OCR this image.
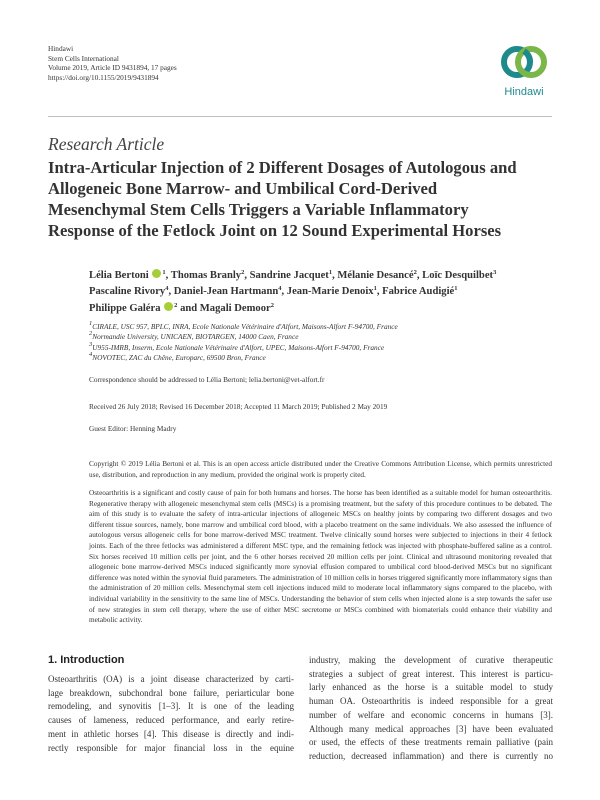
Hindawi
Stem Cells International
Volume 2019, Article ID 9431894, 17 pages
https://doi.org/10.1155/2019/9431894
Hindawi
Research Article
Intra-Articular Injection of 2 Different Dosages of Autologous and
Allogeneic Bone Marrow- and Umbilical Cord-Derived
Mesenchymal Stem Cells Triggers a Variable Inflammatory
Response of the Fetlock Joint on 12 Sound Experimental Horses
Lélia Bertoni $^1$, Thomas Branly$^2$, Sandrine Jacquet$^1$, Mélanie Desancé$^2$, Loïc Desquilbet$^3$
Pascaline Rivory$^4$, Daniel-Jean Hartmann$^4$, Jean-Marie Denoix$^1$, Fabrice Audigié$^1$
Philippe Galéra $^2$ and Magali Demoor$^2$
$^1$CIRALE, USC 957, BPLC, INRA, Ecole Nationale Vétérinaire d'Alfort, Maisons-Alfort F-94700, France
$^2$Normandie University, UNICAEN, BIOTARGEN, 14000 Caen, France
$^3$U955-IMRB, Inserm, Ecole Nationale Vétérinaire d'Alfort, UPEC, Maisons-Alfort F-94700, France
$^4$NOVOTEC, ZAC du Chêne, Europarc, 69500 Bron, France
Correspondence should be addressed to Lélia Bertoni; lelia.bertoni@vet-alfort.fr
Received 26 July 2018; Revised 16 December 2018; Accepted 11 March 2019; Published 2 May 2019
Guest Editor: Henning Madry
Copyright © 2019 Lélia Bertoni et al. This is an open access article distributed under the Creative Commons Attribution License, which permits unrestricted use, distribution, and reproduction in any medium, provided the original work is properly cited.
Osteoarthritis is a significant and costly cause of pain for both humans and horses. The horse has been identified as a suitable model for human osteoarthritis. Regenerative therapy with allogeneic mesenchymal stem cells (MSCs) is a promising treatment, but the safety of this procedure continues to be debated. The aim of this study is to evaluate the safety of intra-articular injections of allogeneic MSCs on healthy joints by comparing two different dosages and two different tissue sources, namely, bone marrow and umbilical cord blood, with a placebo treatment on the same individuals. We also assessed the influence of autologous versus allogeneic cells for bone marrow-derived MSC treatment. Twelve clinically sound horses were subjected to injections in their 4 fetlock joints. Each of the three fetlocks was administered a different MSC type, and the remaining fetlock was injected with phosphate-buffered saline as a control. Six horses received 10 million cells per joint, and the 6 other horses received 20 million cells per joint. Clinical and ultrasound monitoring revealed that allogeneic bone marrow-derived MSCs induced significantly more synovial effusion compared to umbilical cord blood-derived MSCs but no significant difference was noted within the synovial fluid parameters. The administration of 10 million cells in horses triggered significantly more inflammatory signs than the administration of 20 million cells. Mesenchymal stem cell injections induced mild to moderate local inflammatory signs compared to the placebo, with individual variability in the sensitivity to the same line of MSCs. Understanding the behavior of stem cells when injected alone is a step towards the safer use of new strategies in stem cell therapy, where the use of either MSC secretome or MSCs combined with biomaterials could enhance their viability and metabolic activity.
1. Introduction
Osteoarthritis (OA) is a joint disease characterized by carti-
lage breakdown, subchondral bone failure, periarticular bone
remodeling, and synovitis [1–3]. It is one of the leading
causes of lameness, reduced performance, and early retire-
ment in athletic horses [4]. This disease is directly and indi-
rectly responsible for major financial loss in the equine
industry, making the development of curative therapeutic
strategies a subject of great interest. This interest is particu-
larly enhanced as the horse is a suitable model to study
human OA. Osteoarthritis is indeed responsible for a great
number of welfare and economic concerns in humans [3].
Although many medical approaches [3] have been evaluated
or used, the effects of these treatments remain palliative (pain
reduction, decreased inflammation) and there is currently no
